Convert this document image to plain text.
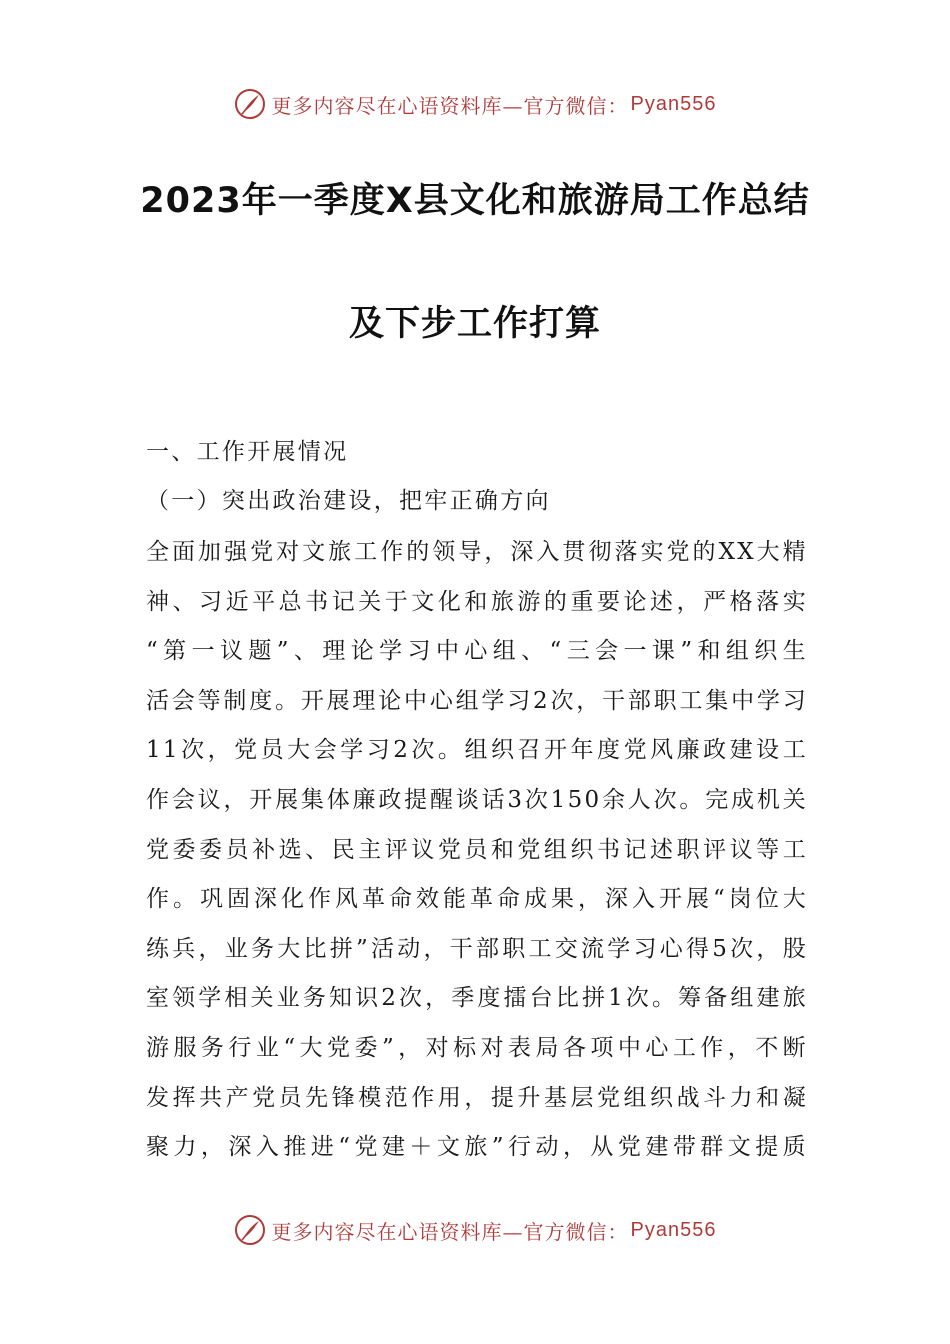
更多内容尽在心语资料库—官方微信： Pyan556
2023年一季度X县文化和旅游局工作总结
及下步工作打算
一、工作开展情况
（一）突出政治建设，把牢正确方向
全面加强党对文旅工作的领导，深入贯彻落实党的XX大精
神、习近平总书记关于文化和旅游的重要论述，严格落实
“第一议题”、理论学习中心组、“三会一课”和组织生
活会等制度。开展理论中心组学习2次，干部职工集中学习
11次，党员大会学习2次。组织召开年度党风廉政建设工
作会议，开展集体廉政提醒谈话3次150余人次。完成机关
党委委员补选、民主评议党员和党组织书记述职评议等工
作。巩固深化作风革命效能革命成果，深入开展“岗位大
练兵，业务大比拼”活动，干部职工交流学习心得5次，股
室领学相关业务知识2次，季度擂台比拼1次。筹备组建旅
游服务行业“大党委”，对标对表局各项中心工作，不断
发挥共产党员先锋模范作用，提升基层党组织战斗力和凝
聚力，深入推进“党建＋文旅”行动，从党建带群文提质
更多内容尽在心语资料库—官方微信： Pyan556
